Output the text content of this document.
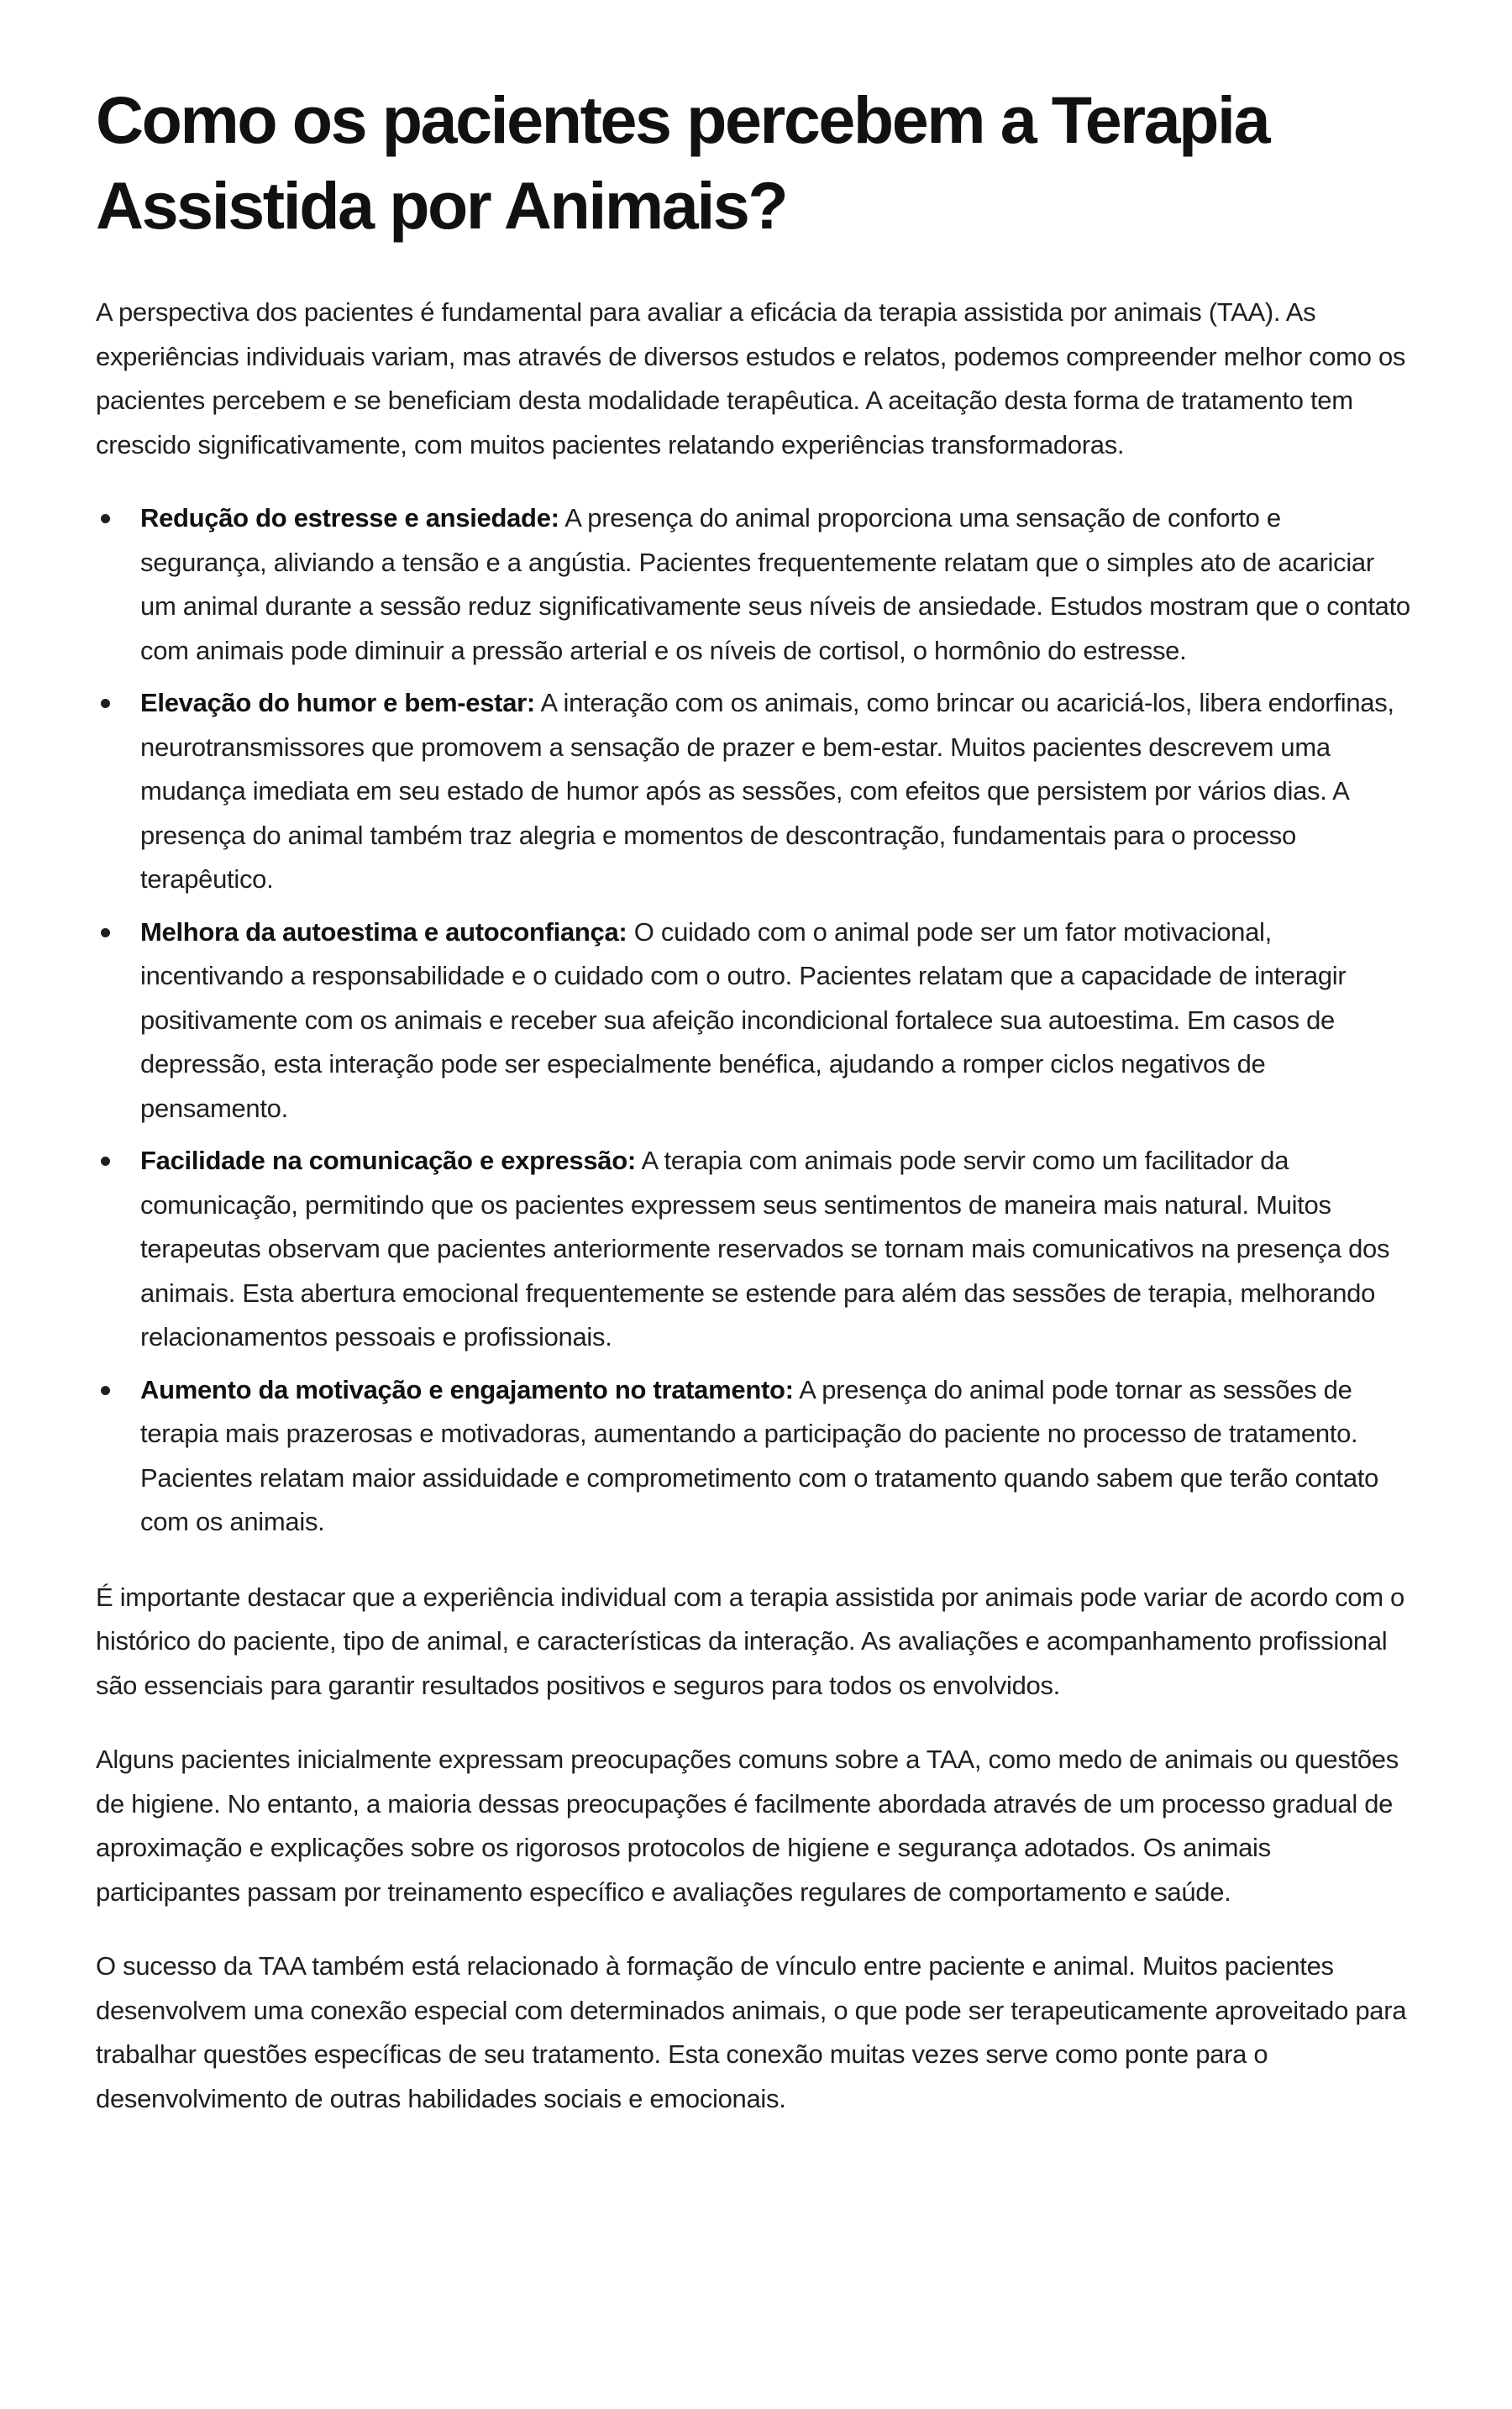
Como os pacientes percebem a Terapia Assistida por Animais?

A perspectiva dos pacientes é fundamental para avaliar a eficácia da terapia assistida por animais (TAA). As experiências individuais variam, mas através de diversos estudos e relatos, podemos compreender melhor como os pacientes percebem e se beneficiam desta modalidade terapêutica. A aceitação desta forma de tratamento tem crescido significativamente, com muitos pacientes relatando experiências transformadoras.

Redução do estresse e ansiedade: A presença do animal proporciona uma sensação de conforto e segurança, aliviando a tensão e a angústia. Pacientes frequentemente relatam que o simples ato de acariciar um animal durante a sessão reduz significativamente seus níveis de ansiedade. Estudos mostram que o contato com animais pode diminuir a pressão arterial e os níveis de cortisol, o hormônio do estresse.
Elevação do humor e bem-estar: A interação com os animais, como brincar ou acariciá-los, libera endorfinas, neurotransmissores que promovem a sensação de prazer e bem-estar. Muitos pacientes descrevem uma mudança imediata em seu estado de humor após as sessões, com efeitos que persistem por vários dias. A presença do animal também traz alegria e momentos de descontração, fundamentais para o processo terapêutico.
Melhora da autoestima e autoconfiança: O cuidado com o animal pode ser um fator motivacional, incentivando a responsabilidade e o cuidado com o outro. Pacientes relatam que a capacidade de interagir positivamente com os animais e receber sua afeição incondicional fortalece sua autoestima. Em casos de depressão, esta interação pode ser especialmente benéfica, ajudando a romper ciclos negativos de pensamento.
Facilidade na comunicação e expressão: A terapia com animais pode servir como um facilitador da comunicação, permitindo que os pacientes expressem seus sentimentos de maneira mais natural. Muitos terapeutas observam que pacientes anteriormente reservados se tornam mais comunicativos na presença dos animais. Esta abertura emocional frequentemente se estende para além das sessões de terapia, melhorando relacionamentos pessoais e profissionais.
Aumento da motivação e engajamento no tratamento: A presença do animal pode tornar as sessões de terapia mais prazerosas e motivadoras, aumentando a participação do paciente no processo de tratamento. Pacientes relatam maior assiduidade e comprometimento com o tratamento quando sabem que terão contato com os animais.

É importante destacar que a experiência individual com a terapia assistida por animais pode variar de acordo com o histórico do paciente, tipo de animal, e características da interação. As avaliações e acompanhamento profissional são essenciais para garantir resultados positivos e seguros para todos os envolvidos.

Alguns pacientes inicialmente expressam preocupações comuns sobre a TAA, como medo de animais ou questões de higiene. No entanto, a maioria dessas preocupações é facilmente abordada através de um processo gradual de aproximação e explicações sobre os rigorosos protocolos de higiene e segurança adotados. Os animais participantes passam por treinamento específico e avaliações regulares de comportamento e saúde.

O sucesso da TAA também está relacionado à formação de vínculo entre paciente e animal. Muitos pacientes desenvolvem uma conexão especial com determinados animais, o que pode ser terapeuticamente aproveitado para trabalhar questões específicas de seu tratamento. Esta conexão muitas vezes serve como ponte para o desenvolvimento de outras habilidades sociais e emocionais.
